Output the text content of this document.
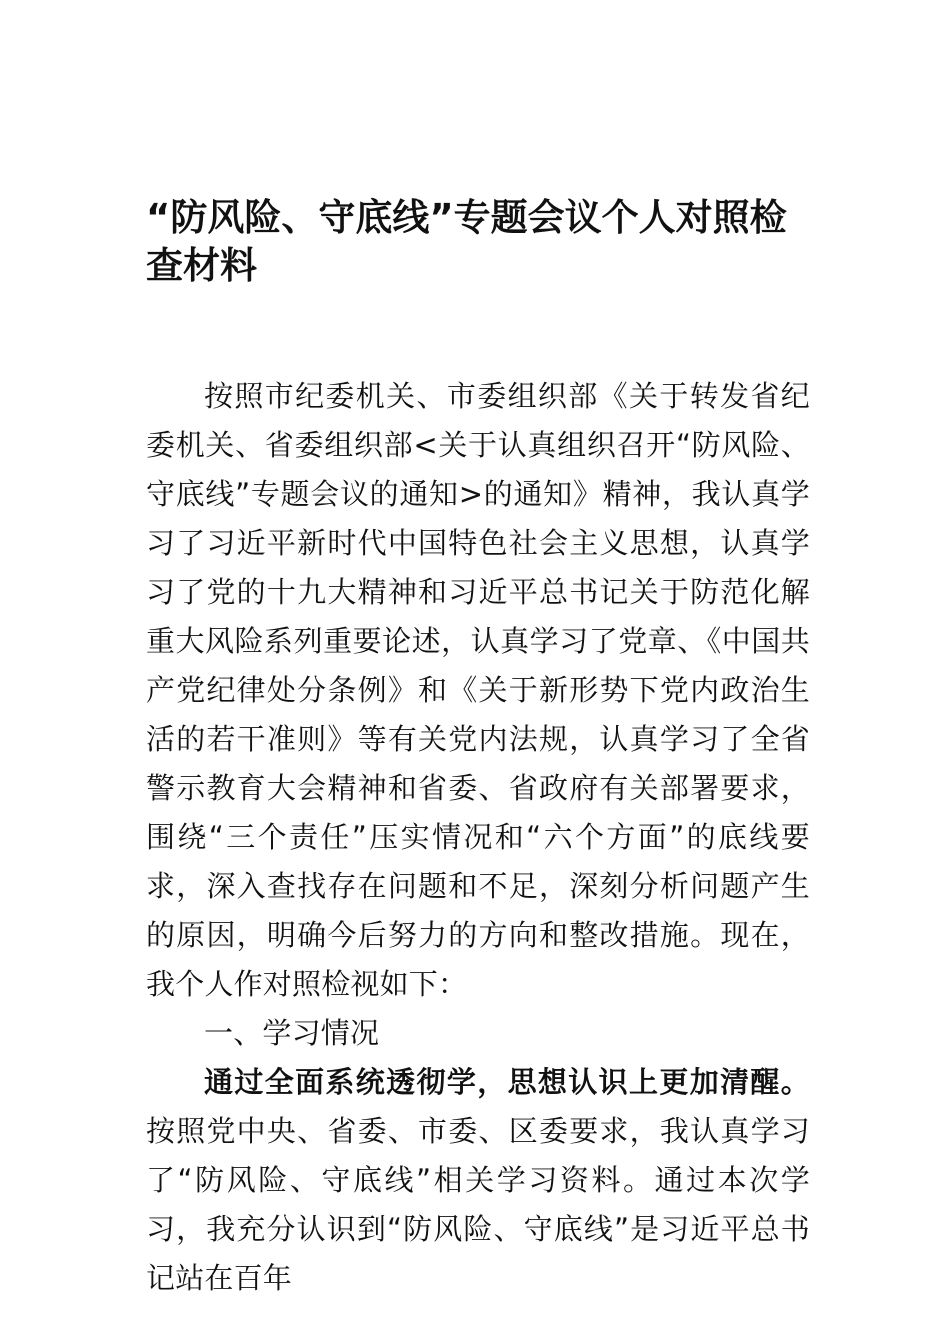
“防风险、守底线”专题会议个人对照检查材料

按照市纪委机关、市委组织部《关于转发省纪委机关、省委组织部<关于认真组织召开“防风险、守底线”专题会议的通知>的通知》精神，我认真学习了习近平新时代中国特色社会主义思想，认真学习了党的十九大精神和习近平总书记关于防范化解重大风险系列重要论述，认真学习了党章、《中国共产党纪律处分条例》和《关于新形势下党内政治生活的若干准则》等有关党内法规，认真学习了全省警示教育大会精神和省委、省政府有关部署要求，围绕“三个责任”压实情况和“六个方面”的底线要求，深入查找存在问题和不足，深刻分析问题产生的原因，明确今后努力的方向和整改措施。现在，我个人作对照检视如下：

一、学习情况

通过全面系统透彻学，思想认识上更加清醒。按照党中央、省委、市委、区委要求，我认真学习了“防风险、守底线”相关学习资料。通过本次学习，我充分认识到“防风险、守底线”是习近平总书记站在百年
